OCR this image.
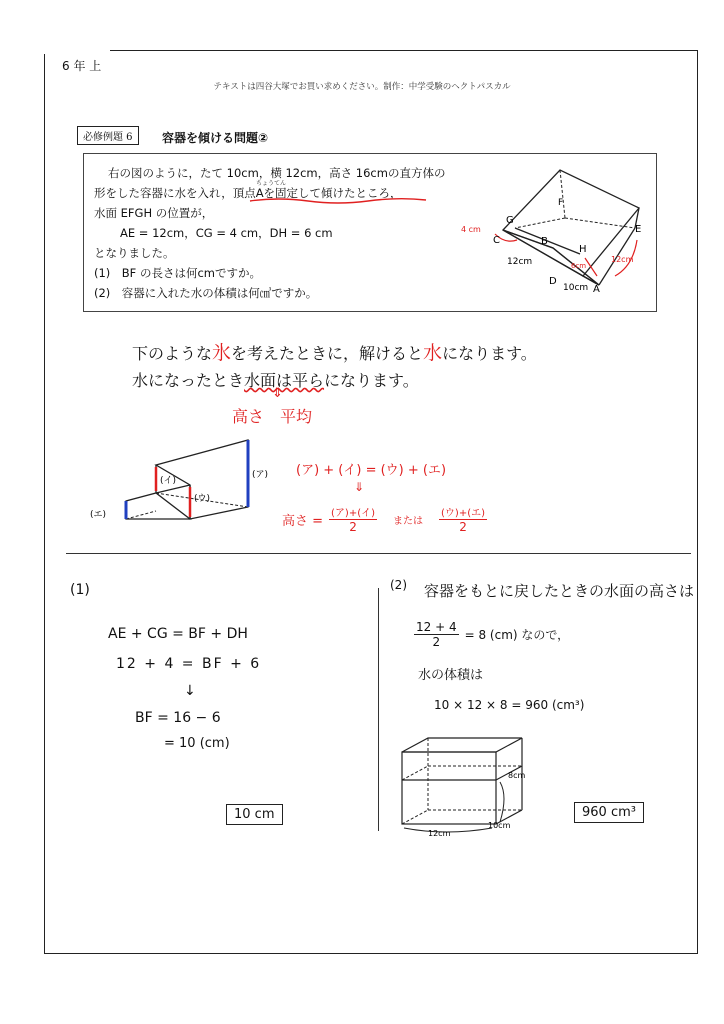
6 年 上
テキストは四谷大塚でお買い求めください。制作：中学受験のヘクトパスカル
必修例題 6	容器を傾ける問題②
右の図のように，たて 10cm，横 12cm，高さ 16cmの直方体の
形をした容器に水を入れ，頂点Aを固定して傾けたところ，
ちょうてん
水面 EFGH の位置が，
AE = 12cm，CG = 4 cm，DH = 6 cm
となりました。
(1)　BF の長さは何cmですか。
(2)　容器に入れた水の体積は何㎤ですか。
G
F
E
C	B
H
D
A
4 cm
12cm
6cm
12cm
10cm
下のような氷を考えたときに，解けると水になります。
水になったとき水面は平らになります。
⇓
高さ　平均
(ア)
(イ)
(ウ)
(エ)
(ア) + (イ) = (ウ) + (エ)
⇓
高さ = (ア)+(イ)
2	または
(ウ)+(エ)
2
(1)
AE + CG = BF + DH
12 + 4 = BF + 6
↓
BF = 16 − 6
= 10 (cm)
10 cm
(2) 容器をもとに戻したときの水面の高さは
$\frac{12 + 4}{2} = 8$ (cm) なので，
水の体積は
10 × 12 × 8 = 960 (cm³)
8cm
12cm
10cm
960 cm³
